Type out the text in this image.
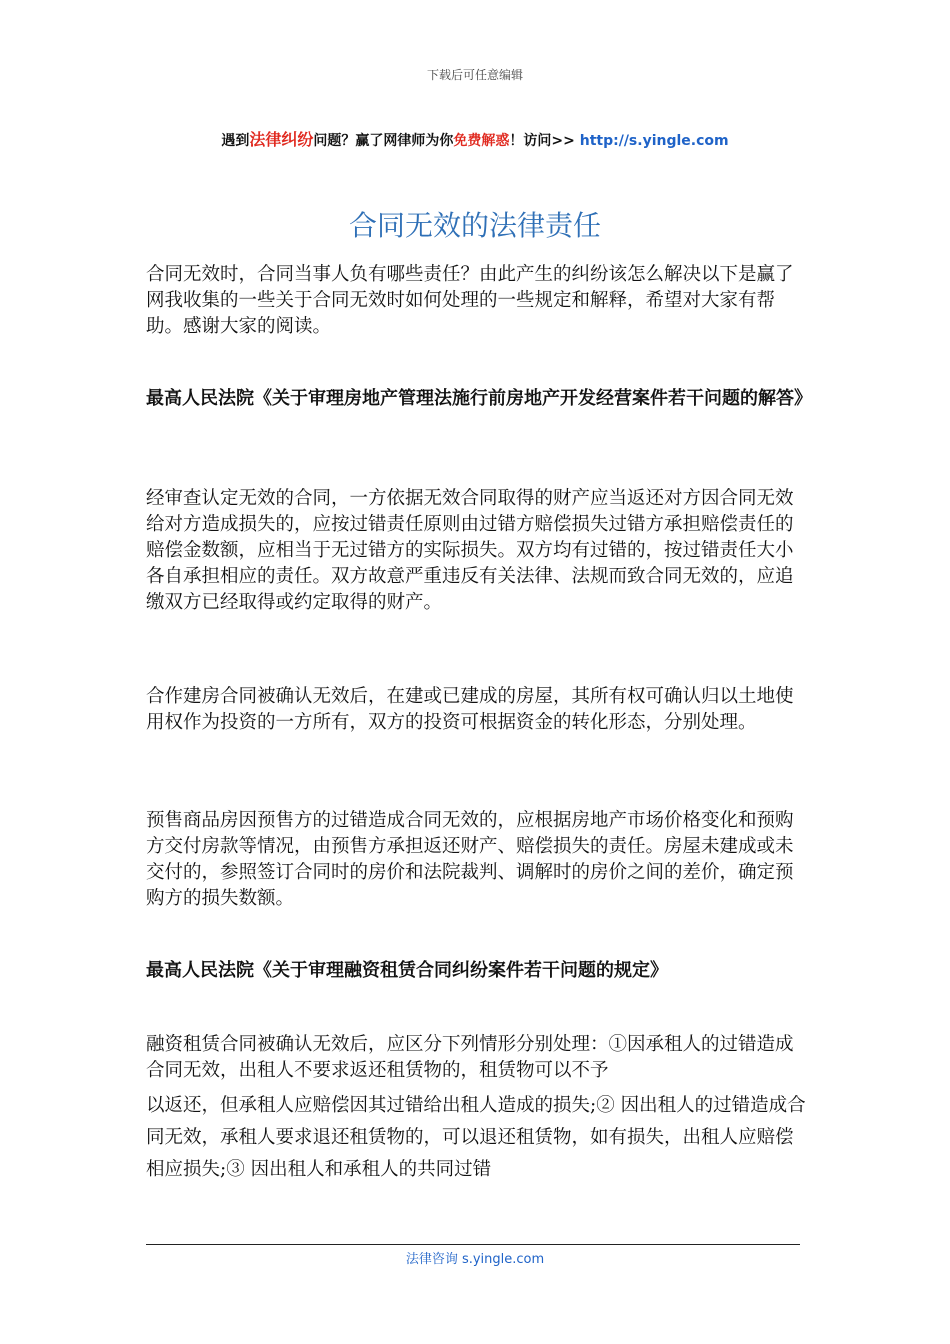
下载后可任意编辑
遇到法律纠纷问题？赢了网律师为你免费解惑！访问>> http://s.yingle.com
合同无效的法律责任
合同无效时，合同当事人负有哪些责任？由此产生的纠纷该怎么解决以下是赢了网我收集的一些关于合同无效时如何处理的一些规定和解释，希望对大家有帮助。感谢大家的阅读。
最高人民法院《关于审理房地产管理法施行前房地产开发经营案件若干问题的解答》
经审查认定无效的合同，一方依据无效合同取得的财产应当返还对方因合同无效给对方造成损失的，应按过错责任原则由过错方赔偿损失过错方承担赔偿责任的赔偿金数额，应相当于无过错方的实际损失。双方均有过错的，按过错责任大小各自承担相应的责任。双方故意严重违反有关法律、法规而致合同无效的，应追缴双方已经取得或约定取得的财产。
合作建房合同被确认无效后，在建或已建成的房屋，其所有权可确认归以土地使用权作为投资的一方所有，双方的投资可根据资金的转化形态，分别处理。
预售商品房因预售方的过错造成合同无效的，应根据房地产市场价格变化和预购方交付房款等情况，由预售方承担返还财产、赔偿损失的责任。房屋未建成或未交付的，参照签订合同时的房价和法院裁判、调解时的房价之间的差价，确定预购方的损失数额。
最高人民法院《关于审理融资租赁合同纠纷案件若干问题的规定》
融资租赁合同被确认无效后，应区分下列情形分别处理：①因承租人的过错造成合同无效，出租人不要求返还租赁物的，租赁物可以不予
以返还，但承租人应赔偿因其过错给出租人造成的损失;② 因出租人的过错造成合同无效，承租人要求退还租赁物的，可以退还租赁物，如有损失，出租人应赔偿相应损失;③ 因出租人和承租人的共同过错
法律咨询 s.yingle.com
